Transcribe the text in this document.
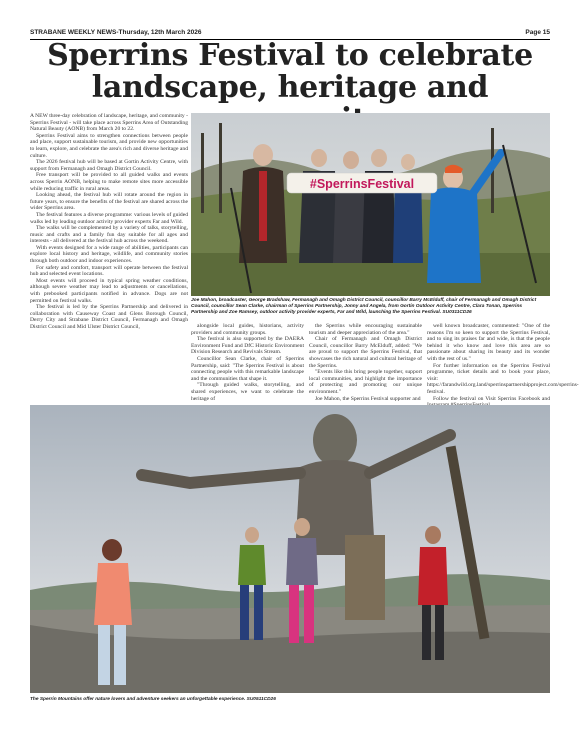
STRABANE WEEKLY NEWS-Thursday, 12th March 2026	Page 15
Sperrins Festival to celebrate
landscape, heritage and

A NEW three-day celebration of landscape, heritage, and community - Sperrins Festival - will take place across Sperrins Area of Outstanding Natural Beauty (AONB) from March 20 to 22.

Sperrins Festival aims to strengthen connections between people and place, support sustainable tourism, and provide new opportunities to learn, explore, and celebrate the area's rich and diverse heritage and culture.

The 2026 festival hub will be based at Gortin Activity Centre, with support from Fermanagh and Omagh District Council.

Free transport will be provided to all guided walks and events across Sperrin AONB, helping to make remote sites more accessible while reducing traffic in rural areas.

Looking ahead, the festival hub will rotate around the region in future years, to ensure the benefits of the festival are shared across the wider Sperrins area.

The festival features a diverse programme: various levels of guided walks led by leading outdoor activity provider experts Far and Wild.

The walks will be complemented by a variety of talks, storytelling, music and crafts and a family fun day suitable for all ages and interests - all delivered at the festival hub across the weekend.

With events designed for a wide range of abilities, participants can explore local history and heritage, wildlife, and community stories through both outdoor and indoor experiences.

For safety and comfort, transport will operate between the festival hub and selected event locations.

Most events will proceed in typical spring weather conditions, although severe weather may lead to adjustments or cancellations, with prebooked participants notified in advance. Dogs are not permitted on festival walks.

The festival is led by the Sperrins Partnership and delivered in collaboration with Causeway Coast and Glens Borough Council, Derry City and Strabane District Council, Fermanagh and Omagh District Council and Mid Ulster District Council,

#SperrinsFestival
Joe Mahon, broadcaster, George Bradshaw, Fermanagh and Omagh District Council, councillor Barry McElduff, chair of Fermanagh and Omagh District Council, councillor Sean Clarke, chairman of Sperrins Partnership, Jonny and Angela, from Gortin Outdoor Activity Centre, Clara Tonan, Sperrins Partnership and Zoe Ramsey, outdoor activity provider experts, Far and Wild, launching the Sperrins Festival. SU0311CD26

alongside local guides, historians, activity providers and community groups.

The festival is also supported by the DAERA Environment Fund and DfC Historic Environment Division Research and Revivals Stream.

Councillor Sean Clarke, chair of Sperrins Partnership, said: "The Sperrins Festival is about connecting people with this remarkable landscape and the communities that shape it.

"Through guided walks, storytelling, and shared experiences, we want to celebrate the heritage of

the Sperrins while encouraging sustainable tourism and deeper appreciation of the area."

Chair of Fermanagh and Omagh District Council, councillor Barry McElduff, added: "We are proud to support the Sperrins Festival, that showcases the rich natural and cultural heritage of the Sperrins.

"Events like this bring people together, support local communities, and highlight the importance of protecting and promoting our unique environment."

Joe Mahon, the Sperrins Festival supporter and

well known broadcaster, commented: "One of the reasons I'm so keen to support the Sperrins Festival, and to sing its praises far and wide, is that the people behind it who know and love this area are so passionate about sharing its beauty and its wonder with the rest of us."

For further information on the Sperrins Festival programme, ticket details and to book your place, visit: https://farandwild.org.land/sperrinspartnershipproject.com/sperrins-festival.

Follow the festival on Visit Sperrins Facebook and

The Sperrin Mountains offer nature lovers and adventure seekers an unforgettable experience. SU0511CD26
